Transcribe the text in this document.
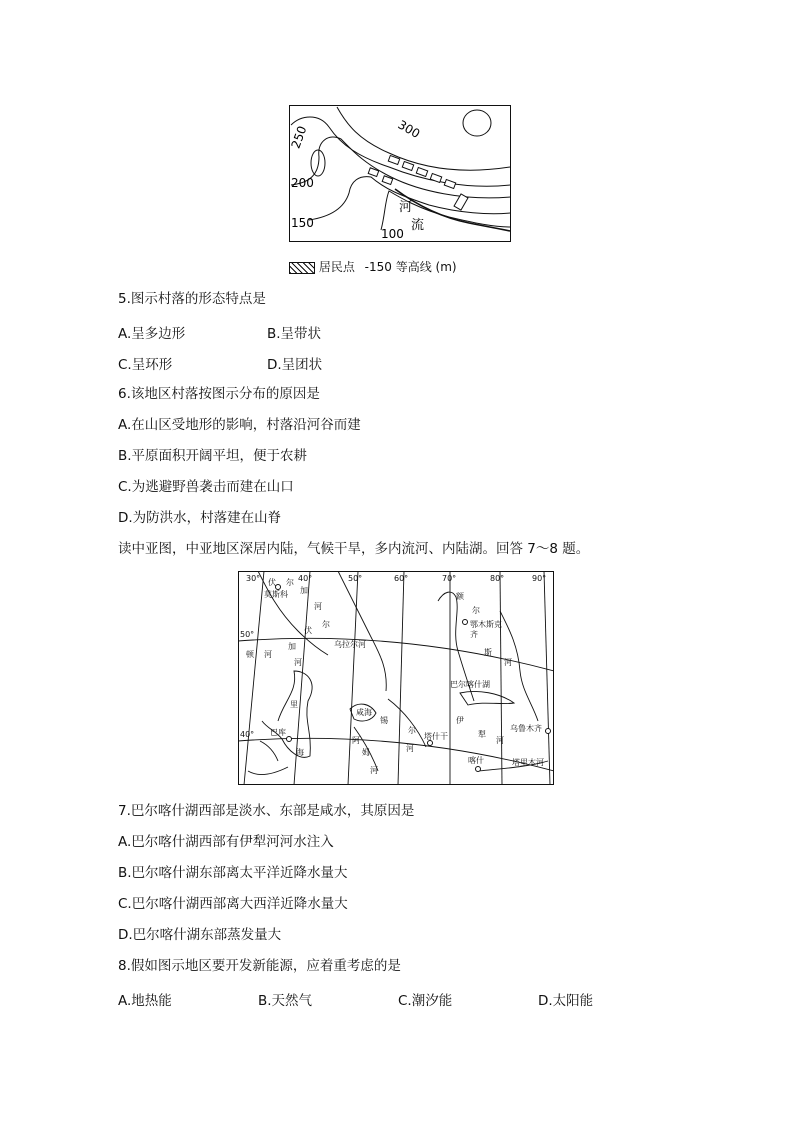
300
250
200
150
100
河
流
居民点 -150 等高线 (m)
5.图示村落的形态特点是
A.呈多边形	B.呈带状
C.呈环形	D.呈团状
6.该地区村落按图示分布的原因是
A.在山区受地形的影响，村落沿河谷而建
B.平原面积开阔平坦，便于农耕
C.为逃避野兽袭击而建在山口
D.为防洪水，村落建在山脊
读中亚图，中亚地区深居内陆，气候干旱，多内流河、内陆湖。回答 7～8 题。
30°	40°	50°	60°	70°	80°	90°
50°
40°
莫斯科
伏 尔
加
河
伏
尔
加
河
乌拉尔河
顿 河
额
尔
齐
斯
河
鄂木斯克
巴尔喀什湖
伊
犁
河
乌鲁木齐
里
海
巴库
咸海
锡
尔
河
阿
姆
河
塔什干
喀什	塔里木河
7.巴尔喀什湖西部是淡水、东部是咸水，其原因是
A.巴尔喀什湖西部有伊犁河河水注入
B.巴尔喀什湖东部离太平洋近降水量大
C.巴尔喀什湖西部离大西洋近降水量大
D.巴尔喀什湖东部蒸发量大
8.假如图示地区要开发新能源，应着重考虑的是
A.地热能	B.天然气	C.潮汐能	D.太阳能
